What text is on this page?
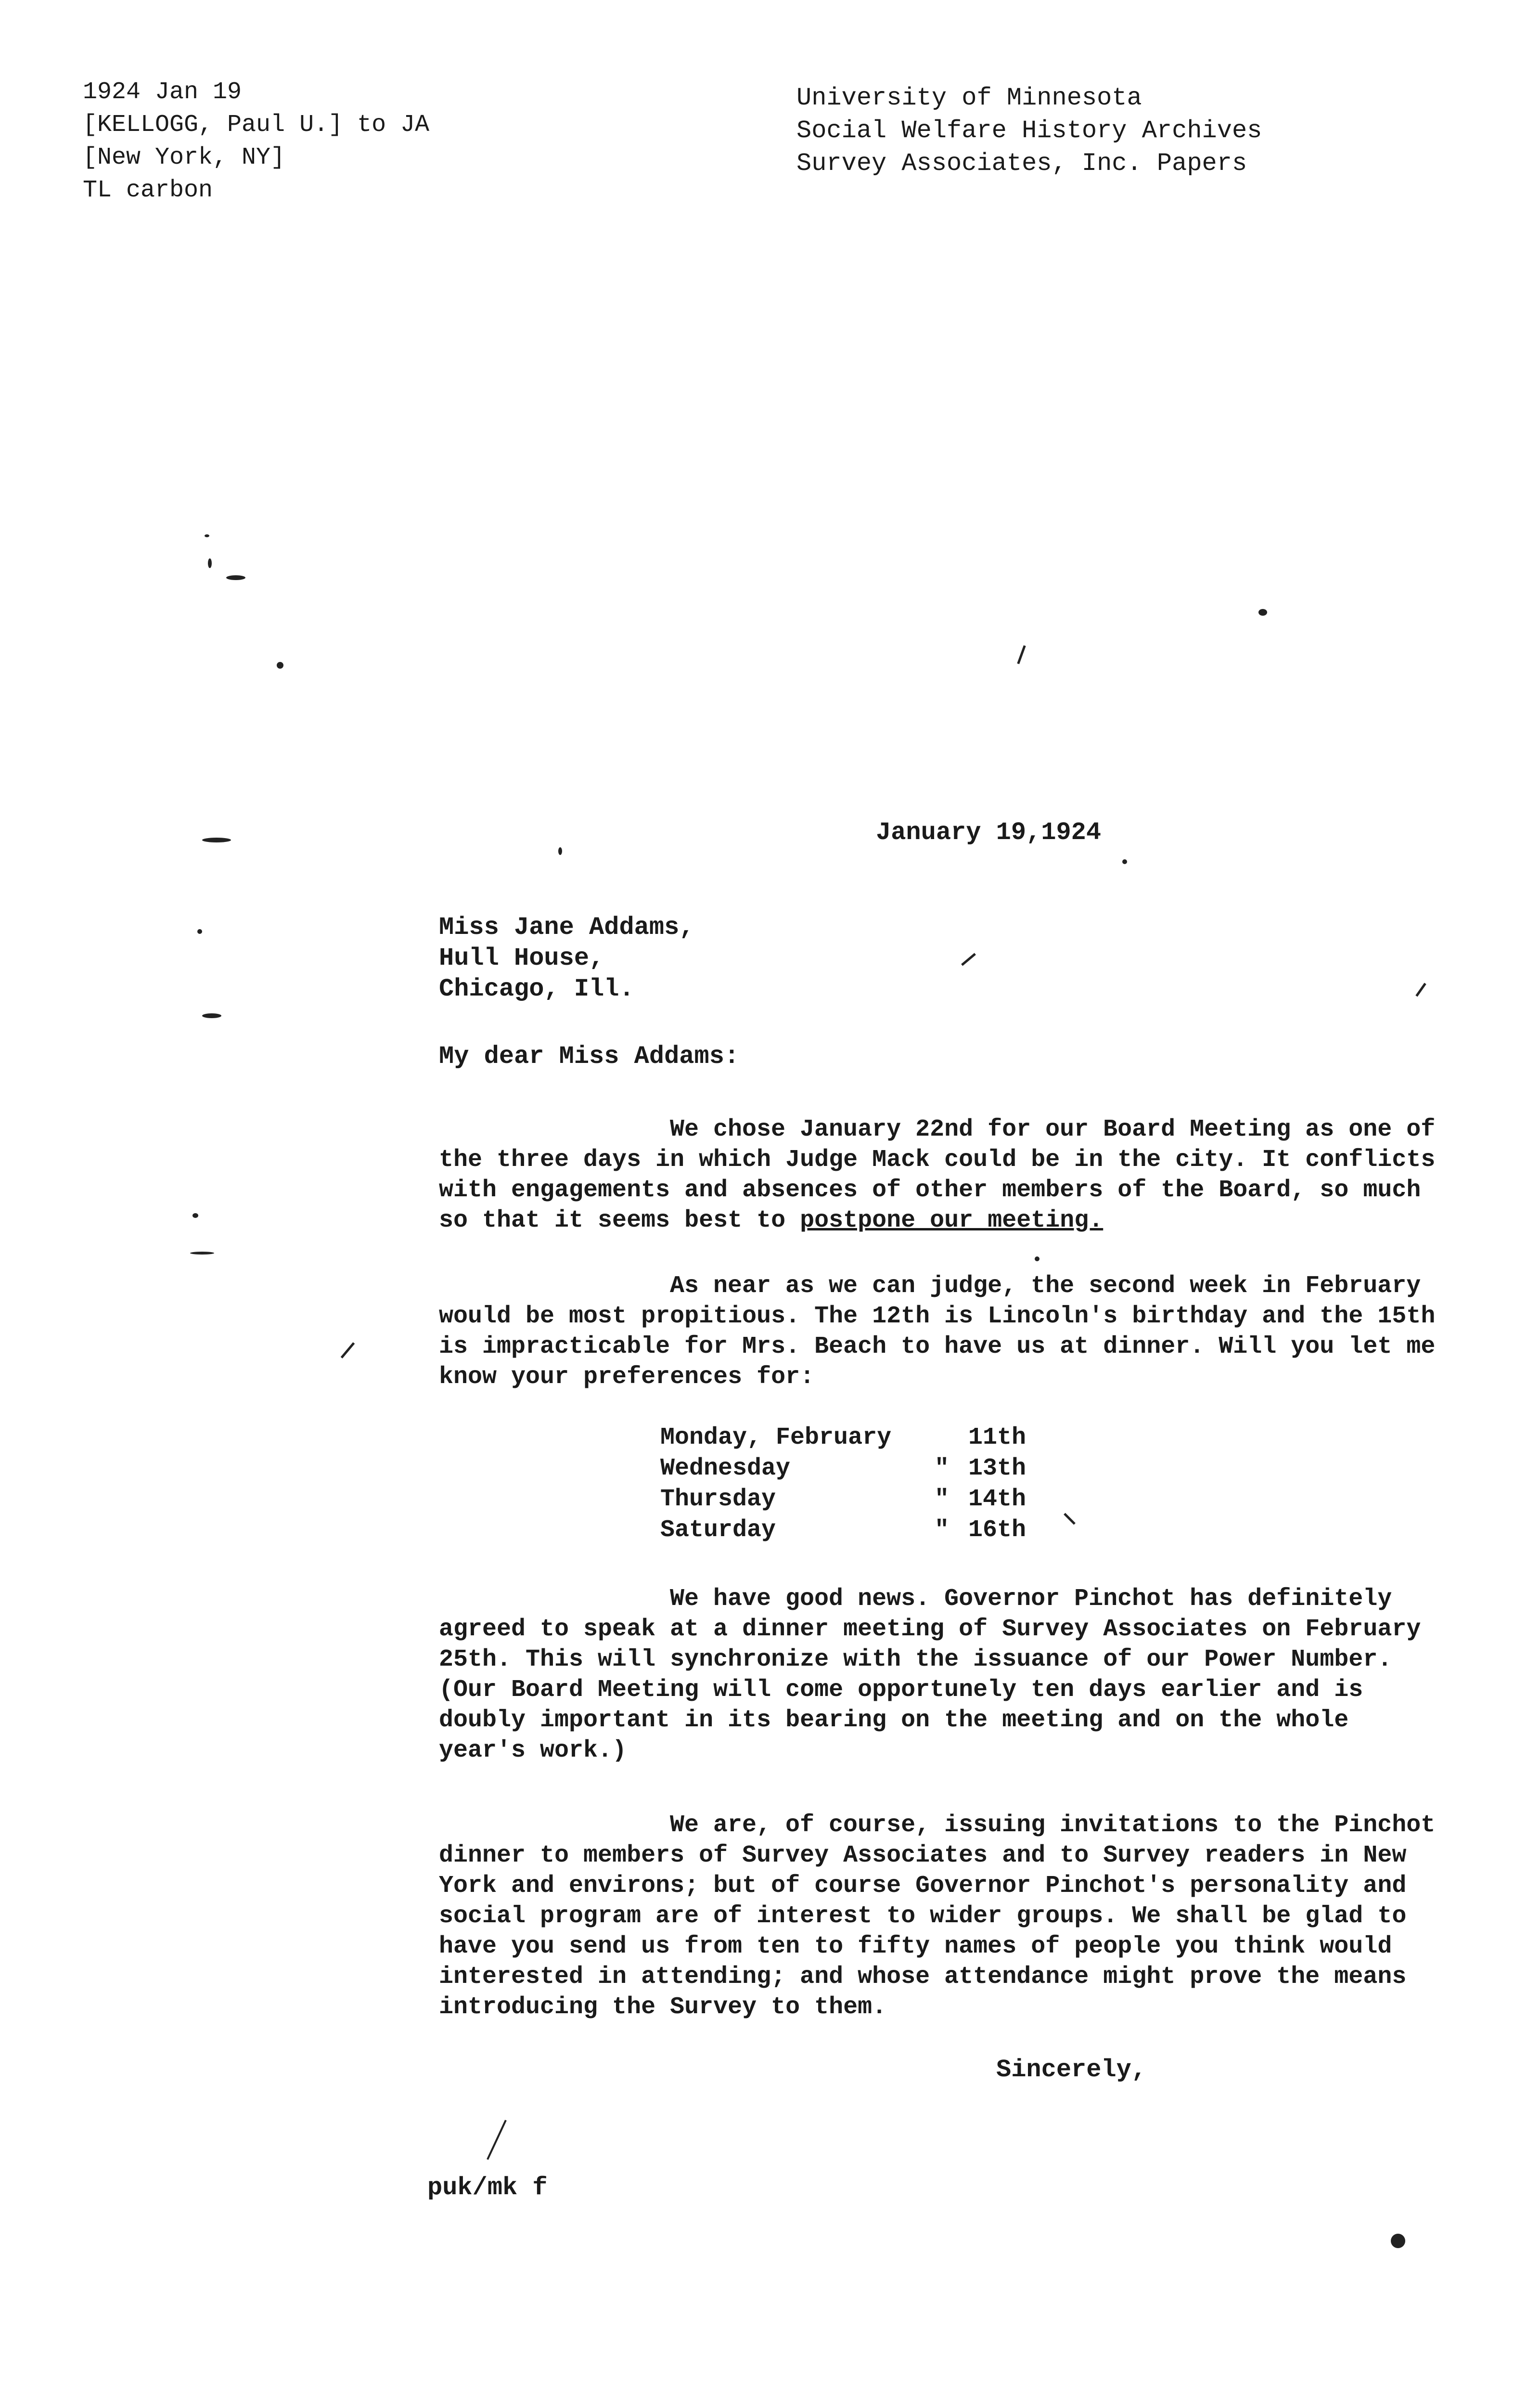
1924 Jan 19
[KELLOGG, Paul U.] to JA
[New York, NY]
TL carbon
University of Minnesota
Social Welfare History Archives
Survey Associates, Inc. Papers
January 19,1924
Miss Jane Addams,
Hull House,
Chicago, Ill.
My dear Miss Addams:
We chose January 22nd for our Board Meeting as one of the three days in which Judge Mack could be in the city. It conflicts with engagements and absences of other members of the Board, so much so that it seems best to postpone our meeting.
As near as we can judge, the second week in February would be most propitious. The 12th is Lincoln's birthday and the 15th is impracticable for Mrs. Beach to have us at dinner. Will you let me know your preferences for:
Monday, February	11th
Wednesday	" 13th
Thursday	" 14th
Saturday	" 16th
We have good news. Governor Pinchot has definitely agreed to speak at a dinner meeting of Survey Associates on February 25th. This will synchronize with the issuance of our Power Number. (Our Board Meeting will come opportunely ten days earlier and is doubly important in its bearing on the meeting and on the whole year's work.)
We are, of course, issuing invitations to the Pinchot dinner to members of Survey Associates and to Survey readers in New York and environs; but of course Governor Pinchot's personality and social program are of interest to wider groups. We shall be glad to have you send us from ten to fifty names of people you think would interested in attending; and whose attendance might prove the means introducing the Survey to them.
Sincerely,
puk/mk f
